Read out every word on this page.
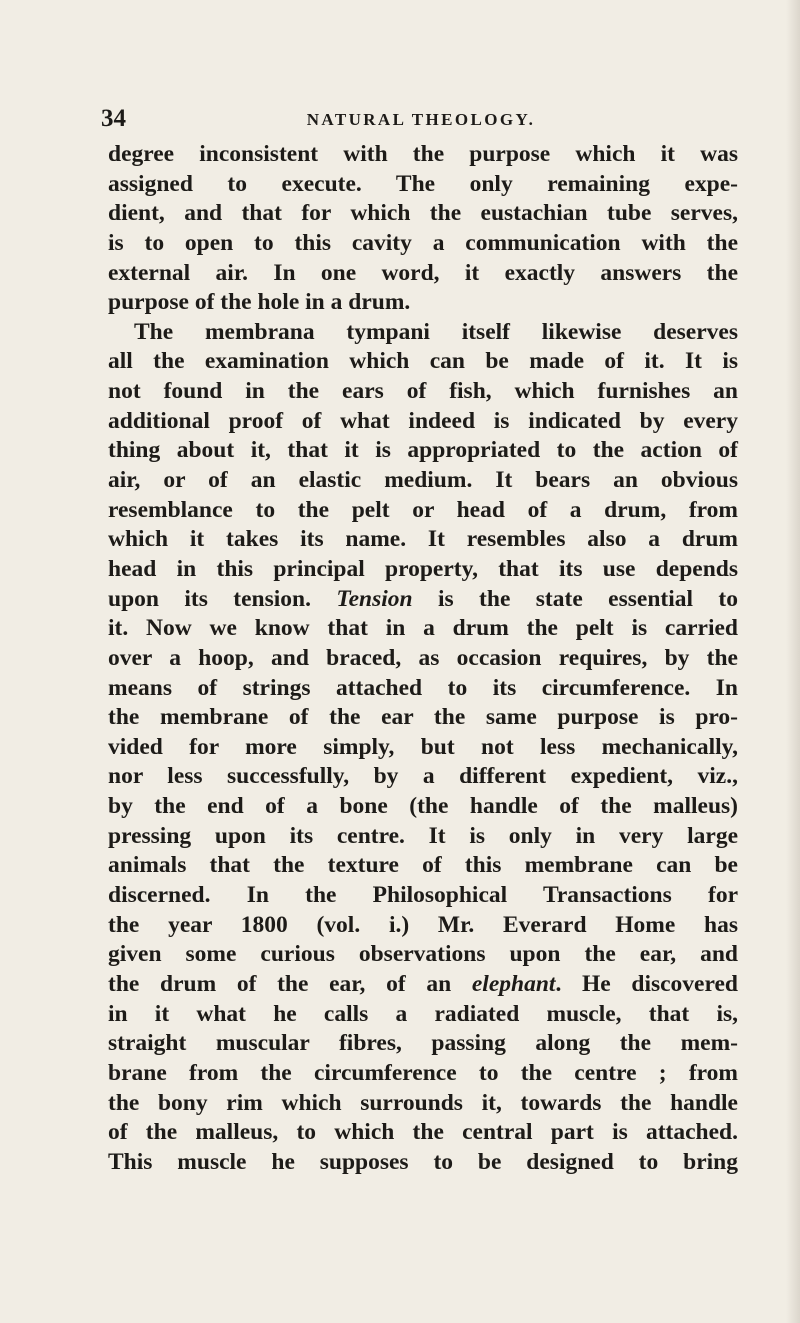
34	NATURAL THEOLOGY.
degree inconsistent with the purpose which it was
assigned to execute. The only remaining expe-
dient, and that for which the eustachian tube serves,
is to open to this cavity a communication with the
external air. In one word, it exactly answers the
purpose of the hole in a drum.
The membrana tympani itself likewise deserves
all the examination which can be made of it. It is
not found in the ears of fish, which furnishes an
additional proof of what indeed is indicated by every
thing about it, that it is appropriated to the action of
air, or of an elastic medium. It bears an obvious
resemblance to the pelt or head of a drum, from
which it takes its name. It resembles also a drum
head in this principal property, that its use depends
upon its tension. Tension is the state essential to
it. Now we know that in a drum the pelt is carried
over a hoop, and braced, as occasion requires, by the
means of strings attached to its circumference. In
the membrane of the ear the same purpose is pro-
vided for more simply, but not less mechanically,
nor less successfully, by a different expedient, viz.,
by the end of a bone (the handle of the malleus)
pressing upon its centre. It is only in very large
animals that the texture of this membrane can be
discerned. In the Philosophical Transactions for
the year 1800 (vol. i.) Mr. Everard Home has
given some curious observations upon the ear, and
the drum of the ear, of an elephant. He discovered
in it what he calls a radiated muscle, that is,
straight muscular fibres, passing along the mem-
brane from the circumference to the centre ; from
the bony rim which surrounds it, towards the handle
of the malleus, to which the central part is attached.
This muscle he supposes to be designed to bring
